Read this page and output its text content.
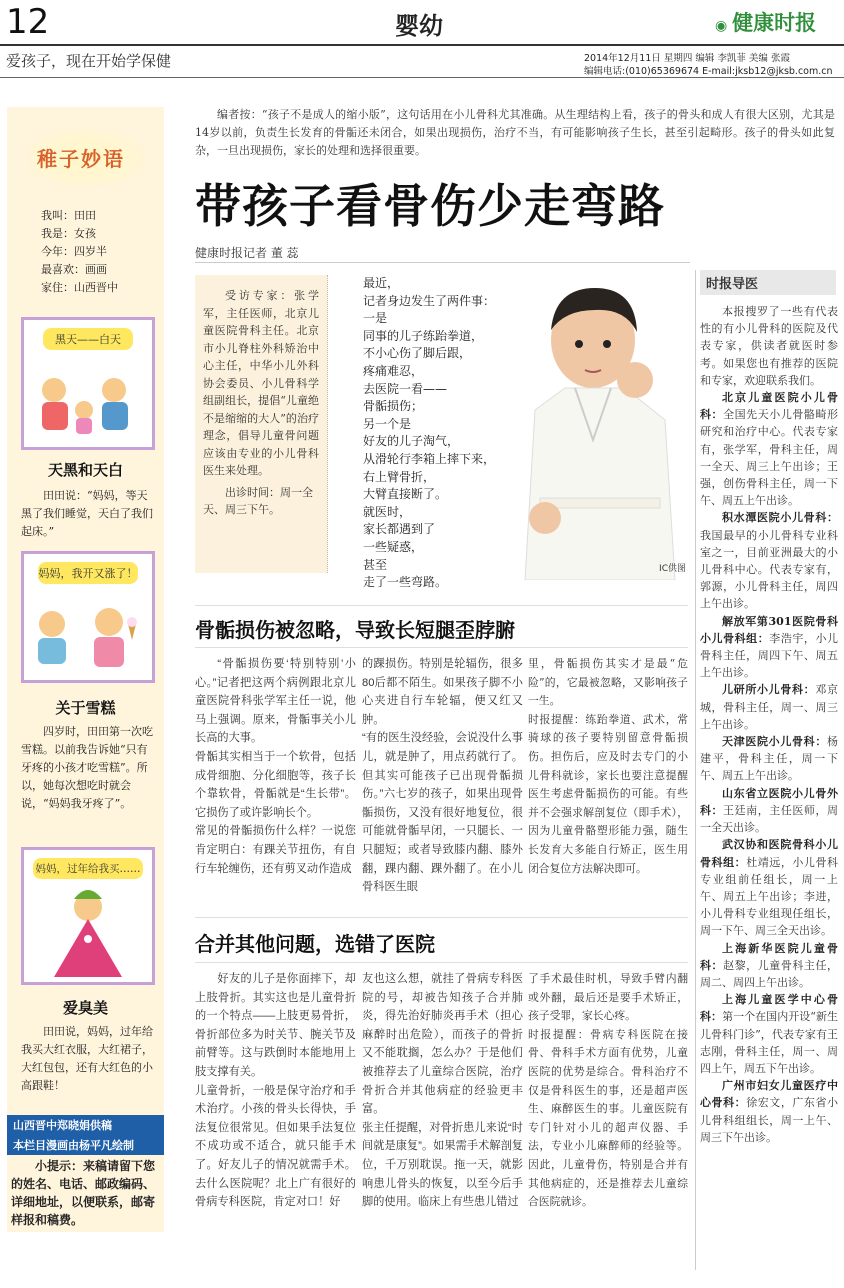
12	婴幼	◉ 健康时报
爱孩子，现在开始学保健	2014年12月11日 星期四 编辑 李凯菲 美编 张霞
编辑电话:(010)65369674 E-mail:jksb12@jksb.com.cn
稚子妙语
我叫：田田
我是：女孩
今年：四岁半
最喜欢：画画
家住：山西晋中
黑天——白天
天黑和天白
田田说：“妈妈，等天黑了我们睡觉，天白了我们起床。”
妈妈，我开又涨了！
关于雪糕
四岁时，田田第一次吃雪糕。以前我告诉她“只有牙疼的小孩才吃雪糕”。所以，她每次想吃时就会说，“妈妈我牙疼了”。
妈妈，过年给我买……
爱臭美
田田说，妈妈，过年给我买大红衣服，大红裙子，大红包包，还有大红色的小高跟鞋！
山西晋中郑晓娟供稿
本栏目漫画由杨平凡绘制
小提示：来稿请留下您的姓名、电话、邮政编码、详细地址，以便联系，邮寄样报和稿费。
编者按：“孩子不是成人的缩小版”，这句话用在小儿骨科尤其准确。从生理结构上看，孩子的骨头和成人有很大区别，尤其是14岁以前，负责生长发育的骨骺还未闭合，如果出现损伤，治疗不当，有可能影响孩子生长，甚至引起畸形。孩子的骨头如此复杂，一旦出现损伤，家长的处理和选择很重要。
带孩子看骨伤少走弯路
健康时报记者 董 蕊
受访专家：张学军，主任医师，北京儿童医院骨科主任。北京市小儿脊柱外科矫治中心主任，中华小儿外科协会委员、小儿骨科学组副组长，提倡“儿童绝不是缩缩的大人”的治疗理念，倡导儿童骨问题应该由专业的小儿骨科医生来处理。
出诊时间：周一全天、周三下午。
最近，
记者身边发生了两件事：
一是
同事的儿子练跆拳道，
不小心伤了脚后跟，
疼痛难忍，
去医院一看——
骨骺损伤；
另一个是
好友的儿子淘气，
从滑轮行李箱上摔下来，
右上臂骨折，
大臂直接断了。
就医时，
家长都遇到了
一些疑惑，
甚至
走了一些弯路。
IC供图
骨骺损伤被忽略，导致长短腿歪脖腑
“骨骺损伤要‘特别特别’小心。”记者把这两个病例跟北京儿童医院骨科张学军主任一说，他马上强调。原来，骨骺事关小儿长高的大事。
骨骺其实相当于一个软骨，包括成骨细胞、分化细胞等，孩子长个靠软骨，骨骺就是“生长带”。它损伤了或许影响长个。
常见的骨骺损伤什么样？一说您肯定明白：有踝关节扭伤，有自行车轮缠伤，还有剪叉动作造成
的踝损伤。特别是轮辐伤，很多80后都不陌生。如果孩子脚不小心夹进自行车轮辐，便又红又肿。
“有的医生没经验，会说没什么事儿，就是肿了，用点药就行了。但其实可能孩子已出现骨骺损伤。”六七岁的孩子，如果出现骨骺损伤，又没有很好地复位，很可能就骨骺早闭，一只腿长、一只腿短；或者导致膝内翻、膝外翻，踝内翻、踝外翻了。在小儿骨科医生眼
里，骨骺损伤其实才是最“危险”的，它最被忽略，又影响孩子一生。
时报提醒：练跆拳道、武术，常骑球的孩子要特别留意骨骺损伤。担伤后，应及时去专门的小儿骨科就诊，家长也要注意提醒医生考虑骨骺损伤的可能。有些并不会强求解剖复位（即手术），因为儿童骨骼塑形能力强，随生长发育大多能自行矫正，医生用闭合复位方法解决即可。
合并其他问题，选错了医院
好友的儿子是你面摔下，却上肢骨折。其实这也是儿童骨折的一个特点——上肢更易骨折，骨折部位多为时关节、腕关节及前臂等。这与跌倒时本能地用上肢支撑有关。
儿童骨折，一般是保守治疗和手术治疗。小孩的骨头长得快，手法复位很常见。但如果手法复位不成功或不适合，就只能手术了。好友儿子的情况就需手术。去什么医院呢？北上广有很好的骨病专科医院，肯定对口！好
友也这么想，就挂了骨病专科医院的号，却被告知孩子合并肺炎，得先治好肺炎再手术（担心麻醉时出危险），而孩子的骨折又不能耽搁，怎么办？于是他们被推荐去了儿童综合医院，治疗骨折合并其他病症的经验更丰富。
张主任提醒，对骨折患儿来说“时间就是康复”。如果需手术解剖复位，千万别耽误。拖一天，就影响患儿骨头的恢复，以至今后手脚的使用。临床上有些患儿错过
了手术最佳时机，导致手臂内翻或外翻，最后还是要手术矫正，孩子受罪，家长心疼。
时报提醒：骨病专科医院在接骨、骨科手术方面有优势，儿童医院的优势是综合。骨科治疗不仅是骨科医生的事，还是超声医生、麻醉医生的事。儿童医院有专门针对小儿的超声仪器、手法，专业小儿麻醉师的经验等。因此，儿童骨伤，特别是合并有其他病症的，还是推荐去儿童综合医院就诊。
时报导医
本报搜罗了一些有代表性的有小儿骨科的医院及代表专家，供读者就医时参考。如果您也有推荐的医院和专家，欢迎联系我们。
北京儿童医院小儿骨科：全国先天小儿骨骼畸形研究和治疗中心。代表专家有，张学军，骨科主任，周一全天、周三上午出诊；王强，创伤骨科主任，周一下午、周五上午出诊。
积水潭医院小儿骨科：我国最早的小儿骨科专业科室之一，目前亚洲最大的小儿骨科中心。代表专家有，郭源，小儿骨科主任，周四上午出诊。
解放军第301医院骨科小儿骨科组：李浩宇，小儿骨科主任，周四下午、周五上午出诊。
儿研所小儿骨科：邓京城，骨科主任，周一、周三上午出诊。
天津医院小儿骨科：杨建平，骨科主任，周一下午、周五上午出诊。
山东省立医院小儿骨外科：王廷南，主任医师，周一全天出诊。
武汉协和医院骨科小儿骨科组：杜靖远，小儿骨科专业组前任组长，周一上午、周五上午出诊；李进，小儿骨科专业组现任组长，周一下午、周三全天出诊。
上海新华医院儿童骨科：赵黎，儿童骨科主任，周二、周四上午出诊。
上海儿童医学中心骨科：第一个在国内开设“新生儿骨科门诊”，代表专家有王志刚，骨科主任，周一、周四上午，周五下午出诊。
广州市妇女儿童医疗中心骨科：徐宏文，广东省小儿骨科组组长，周一上午、周三下午出诊。
